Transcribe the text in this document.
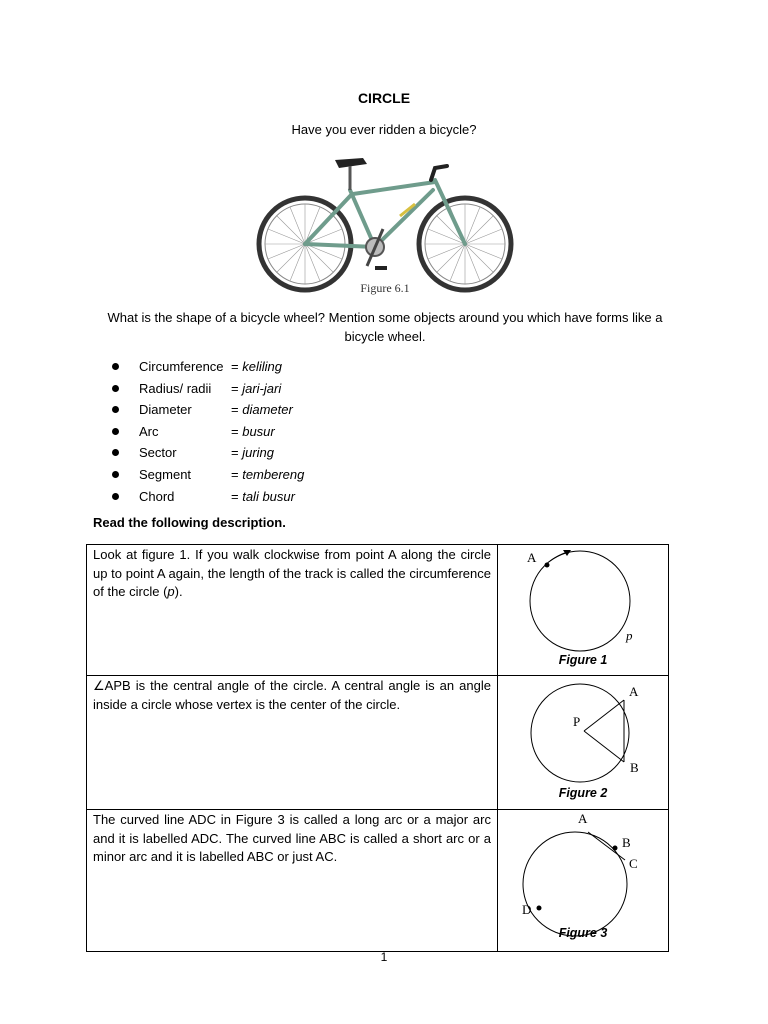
CIRCLE
Have you ever ridden a bicycle?
Figure 6.1
What is the shape of a bicycle wheel? Mention some objects around you which have forms like a bicycle wheel.
Circumference = keliling
Radius/ radii = jari-jari
Diameter	= diameter
Arc	= busur
Sector	= juring
Segment	= tembereng
Chord	= tali busur
Read the following description.
Look at figure 1. If you walk clockwise from point A along the circle up to point A again, the length of the track is called the circumference of the circle (p).	A
p
Figure 1

∠APB is the central angle of the circle. A central angle is an angle inside a circle whose vertex is the center of the circle.	A
P
B
Figure 2

The curved line ADC in Figure 3 is called a long arc or a major arc and it is labelled ADC. The curved line ABC is called a short arc or a minor arc and it is labelled ABC or just AC.	A
B
C
D
Figure 3
1
